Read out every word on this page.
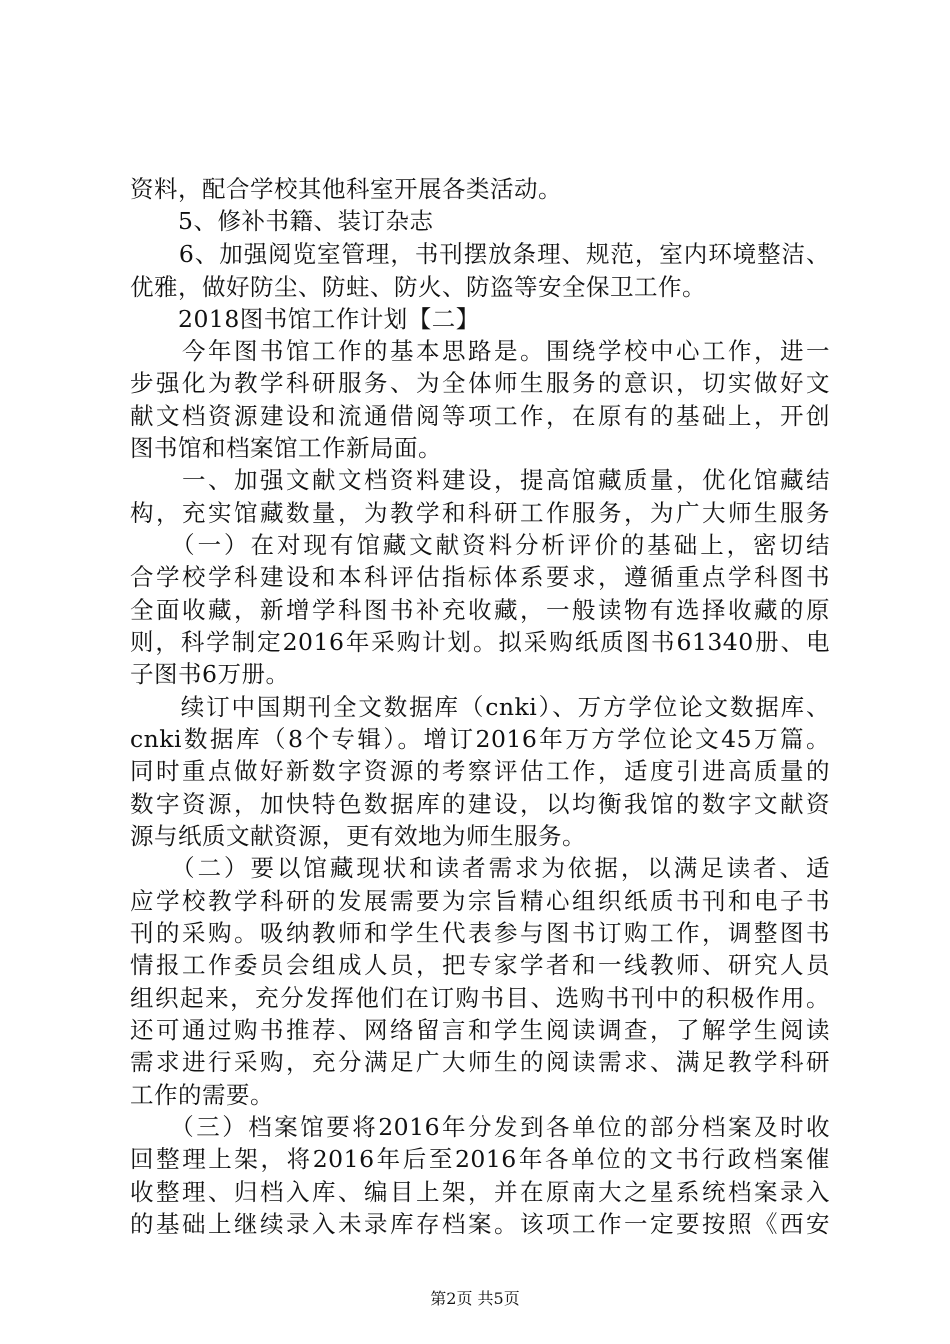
资料，配合学校其他科室开展各类活动。
　　5、修补书籍、装订杂志
　　6、加强阅览室管理，书刊摆放条理、规范，室内环境整洁、
优雅，做好防尘、防蛀、防火、防盗等安全保卫工作。
　　2018图书馆工作计划【二】
　　今年图书馆工作的基本思路是。围绕学校中心工作，进一
步强化为教学科研服务、为全体师生服务的意识，切实做好文
献文档资源建设和流通借阅等项工作，在原有的基础上，开创
图书馆和档案馆工作新局面。
　　一、加强文献文档资料建设，提高馆藏质量，优化馆藏结
构，充实馆藏数量，为教学和科研工作服务，为广大师生服务
　　（一）在对现有馆藏文献资料分析评价的基础上，密切结
合学校学科建设和本科评估指标体系要求，遵循重点学科图书
全面收藏，新增学科图书补充收藏，一般读物有选择收藏的原
则，科学制定2016年采购计划。拟采购纸质图书61340册、电
子图书6万册。
　　续订中国期刊全文数据库（cnki）、万方学位论文数据库、
cnki数据库（8个专辑）。增订2016年万方学位论文45万篇。
同时重点做好新数字资源的考察评估工作，适度引进高质量的
数字资源，加快特色数据库的建设，以均衡我馆的数字文献资
源与纸质文献资源，更有效地为师生服务。
　　（二）要以馆藏现状和读者需求为依据，以满足读者、适
应学校教学科研的发展需要为宗旨精心组织纸质书刊和电子书
刊的采购。吸纳教师和学生代表参与图书订购工作，调整图书
情报工作委员会组成人员，把专家学者和一线教师、研究人员
组织起来，充分发挥他们在订购书目、选购书刊中的积极作用。
还可通过购书推荐、网络留言和学生阅读调查，了解学生阅读
需求进行采购，充分满足广大师生的阅读需求、满足教学科研
工作的需要。
　　（三）档案馆要将2016年分发到各单位的部分档案及时收
回整理上架，将2016年后至2016年各单位的文书行政档案催
收整理、归档入库、编目上架，并在原南大之星系统档案录入
的基础上继续录入未录库存档案。该项工作一定要按照《西安
第2页 共5页
